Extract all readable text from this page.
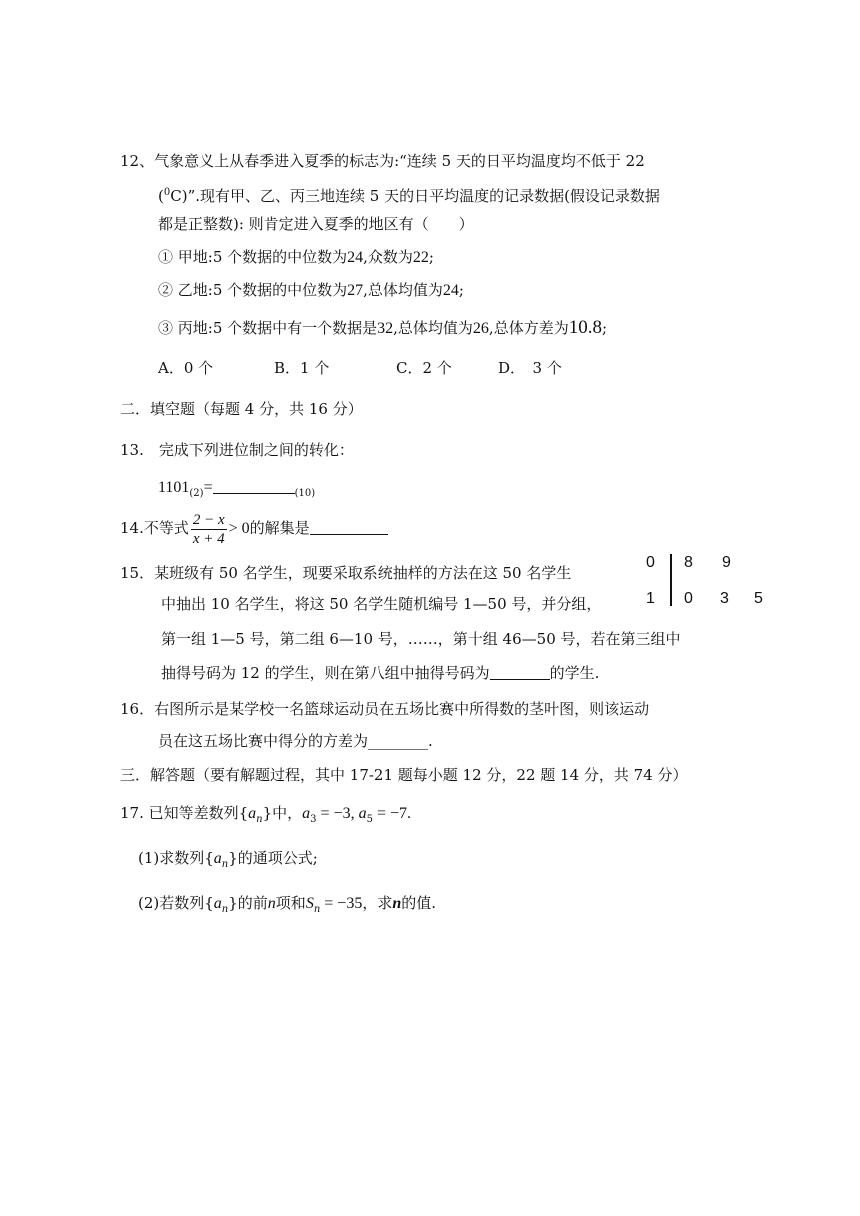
12、气象意义上从春季进入夏季的标志为:“连续 5 天的日平均温度均不低于 22
($^0$C)”.现有甲、乙、丙三地连续 5 天的日平均温度的记录数据(假设记录数据
都是正整数): 则肯定进入夏季的地区有（　　）
① 甲地:5 个数据的中位数为24,众数为22;
② 乙地:5 个数据的中位数为27,总体均值为24;
③ 丙地:5 个数据中有一个数据是32,总体均值为26,总体方差为10.8;
A．0 个	B．1 个	C．2 个	D．　3 个
二．填空题（每题 4 分，共 16 分）
13.　完成下列进位制之间的转化：
$1101_{(2)}=$	$_{(10)}$
14.不等式 $\frac{2 - x}{x + 4} > 0$的解集是
15．某班级有 50 名学生，现要采取系统抽样的方法在这 50 名学生
中抽出 10 名学生，将这 50 名学生随机编号 1—50 号，并分组，
第一组 1—5 号，第二组 6—10 号，……，第十组 46—50 号，若在第三组中
抽得号码为 12 的学生，则在第八组中抽得号码为	的学生.
0 8 9
1 0 3 5
16．右图所示是某学校一名篮球运动员在五场比赛中所得数的茎叶图，则该运动
员在这五场比赛中得分的方差为________.
三．解答题（要有解题过程，其中 17-21 题每小题 12 分，22 题 14 分，共 74 分）
17. 已知等差数列$\{a_n\}$中，$a_3 = -3$, $a_5 = -7$.
(1)求数列$\{a_n\}$的通项公式;
(2)若数列$\{a_n\}$的前n项和$S_n = -35$，求n的值.
